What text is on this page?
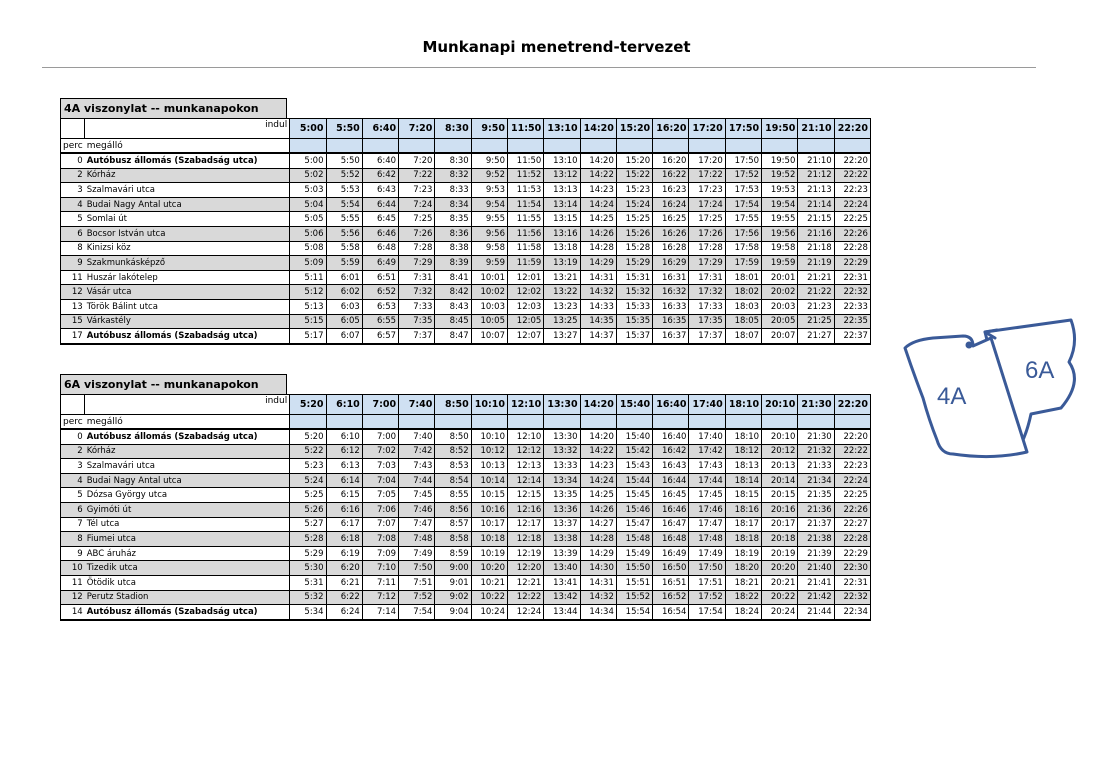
Munkanapi menetrend-tervezet
4A viszonylat -- munkanapokon
	indul	5:00	5:50	6:40	7:20	8:30	9:50	11:50	13:10	14:20	15:20	16:20	17:20	17:50	19:50	21:10	22:20
perc	megálló																
0	Autóbusz állomás (Szabadság utca)	5:00	5:50	6:40	7:20	8:30	9:50	11:50	13:10	14:20	15:20	16:20	17:20	17:50	19:50	21:10	22:20
2	Kórház	5:02	5:52	6:42	7:22	8:32	9:52	11:52	13:12	14:22	15:22	16:22	17:22	17:52	19:52	21:12	22:22
3	Szalmavári utca	5:03	5:53	6:43	7:23	8:33	9:53	11:53	13:13	14:23	15:23	16:23	17:23	17:53	19:53	21:13	22:23
4	Budai Nagy Antal utca	5:04	5:54	6:44	7:24	8:34	9:54	11:54	13:14	14:24	15:24	16:24	17:24	17:54	19:54	21:14	22:24
5	Somlai út	5:05	5:55	6:45	7:25	8:35	9:55	11:55	13:15	14:25	15:25	16:25	17:25	17:55	19:55	21:15	22:25
6	Bocsor István utca	5:06	5:56	6:46	7:26	8:36	9:56	11:56	13:16	14:26	15:26	16:26	17:26	17:56	19:56	21:16	22:26
8	Kinizsi köz	5:08	5:58	6:48	7:28	8:38	9:58	11:58	13:18	14:28	15:28	16:28	17:28	17:58	19:58	21:18	22:28
9	Szakmunkásképző	5:09	5:59	6:49	7:29	8:39	9:59	11:59	13:19	14:29	15:29	16:29	17:29	17:59	19:59	21:19	22:29
11	Huszár lakótelep	5:11	6:01	6:51	7:31	8:41	10:01	12:01	13:21	14:31	15:31	16:31	17:31	18:01	20:01	21:21	22:31
12	Vásár utca	5:12	6:02	6:52	7:32	8:42	10:02	12:02	13:22	14:32	15:32	16:32	17:32	18:02	20:02	21:22	22:32
13	Török Bálint utca	5:13	6:03	6:53	7:33	8:43	10:03	12:03	13:23	14:33	15:33	16:33	17:33	18:03	20:03	21:23	22:33
15	Várkastély	5:15	6:05	6:55	7:35	8:45	10:05	12:05	13:25	14:35	15:35	16:35	17:35	18:05	20:05	21:25	22:35
17	Autóbusz állomás (Szabadság utca)	5:17	6:07	6:57	7:37	8:47	10:07	12:07	13:27	14:37	15:37	16:37	17:37	18:07	20:07	21:27	22:37
6A viszonylat -- munkanapokon
	indul	5:20	6:10	7:00	7:40	8:50	10:10	12:10	13:30	14:20	15:40	16:40	17:40	18:10	20:10	21:30	22:20
perc	megálló																
0	Autóbusz állomás (Szabadság utca)	5:20	6:10	7:00	7:40	8:50	10:10	12:10	13:30	14:20	15:40	16:40	17:40	18:10	20:10	21:30	22:20
2	Kórház	5:22	6:12	7:02	7:42	8:52	10:12	12:12	13:32	14:22	15:42	16:42	17:42	18:12	20:12	21:32	22:22
3	Szalmavári utca	5:23	6:13	7:03	7:43	8:53	10:13	12:13	13:33	14:23	15:43	16:43	17:43	18:13	20:13	21:33	22:23
4	Budai Nagy Antal utca	5:24	6:14	7:04	7:44	8:54	10:14	12:14	13:34	14:24	15:44	16:44	17:44	18:14	20:14	21:34	22:24
5	Dózsa György utca	5:25	6:15	7:05	7:45	8:55	10:15	12:15	13:35	14:25	15:45	16:45	17:45	18:15	20:15	21:35	22:25
6	Gyimóti út	5:26	6:16	7:06	7:46	8:56	10:16	12:16	13:36	14:26	15:46	16:46	17:46	18:16	20:16	21:36	22:26
7	Tél utca	5:27	6:17	7:07	7:47	8:57	10:17	12:17	13:37	14:27	15:47	16:47	17:47	18:17	20:17	21:37	22:27
8	Fiumei utca	5:28	6:18	7:08	7:48	8:58	10:18	12:18	13:38	14:28	15:48	16:48	17:48	18:18	20:18	21:38	22:28
9	ABC áruház	5:29	6:19	7:09	7:49	8:59	10:19	12:19	13:39	14:29	15:49	16:49	17:49	18:19	20:19	21:39	22:29
10	Tizedik utca	5:30	6:20	7:10	7:50	9:00	10:20	12:20	13:40	14:30	15:50	16:50	17:50	18:20	20:20	21:40	22:30
11	Ötödik utca	5:31	6:21	7:11	7:51	9:01	10:21	12:21	13:41	14:31	15:51	16:51	17:51	18:21	20:21	21:41	22:31
12	Perutz Stadion	5:32	6:22	7:12	7:52	9:02	10:22	12:22	13:42	14:32	15:52	16:52	17:52	18:22	20:22	21:42	22:32
14	Autóbusz állomás (Szabadság utca)	5:34	6:24	7:14	7:54	9:04	10:24	12:24	13:44	14:34	15:54	16:54	17:54	18:24	20:24	21:44	22:34
4A
6A
